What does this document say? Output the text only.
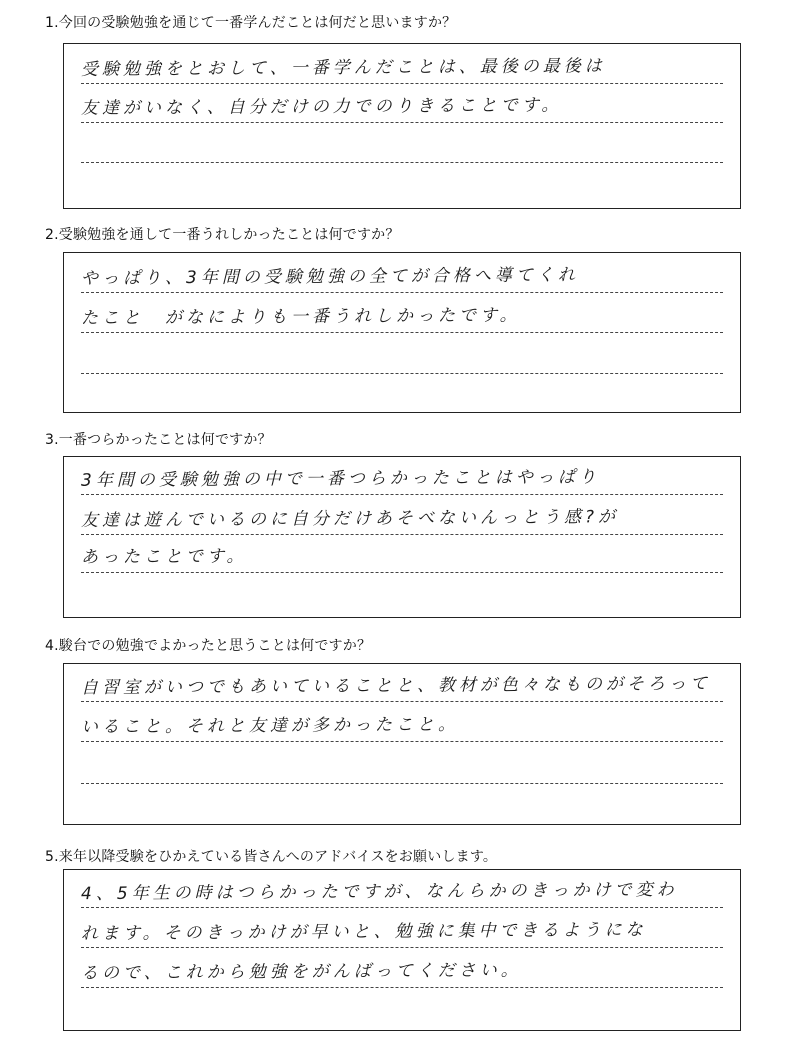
1.今回の受験勉強を通じて一番学んだことは何だと思いますか？
受験勉強をとおして、一番学んだことは、最後の最後は
友達がいなく、自分だけの力でのりきることです。
2.受験勉強を通して一番うれしかったことは何ですか？
やっぱり、3年間の受験勉強の全てが合格へ導てくれ
たこと　がなによりも一番うれしかったです。
3.一番つらかったことは何ですか？
3年間の受験勉強の中で一番つらかったことはやっぱり
友達は遊んでいるのに自分だけあそべないんっとう感?が
あったことです。
4.駿台での勉強でよかったと思うことは何ですか？
自習室がいつでもあいていることと、教材が色々なものがそろって
いること。それと友達が多かったこと。
5.来年以降受験をひかえている皆さんへのアドバイスをお願いします。
4、5年生の時はつらかったですが、なんらかのきっかけで変わ
れます。そのきっかけが早いと、勉強に集中できるようにな
るので、これから勉強をがんばってください。
